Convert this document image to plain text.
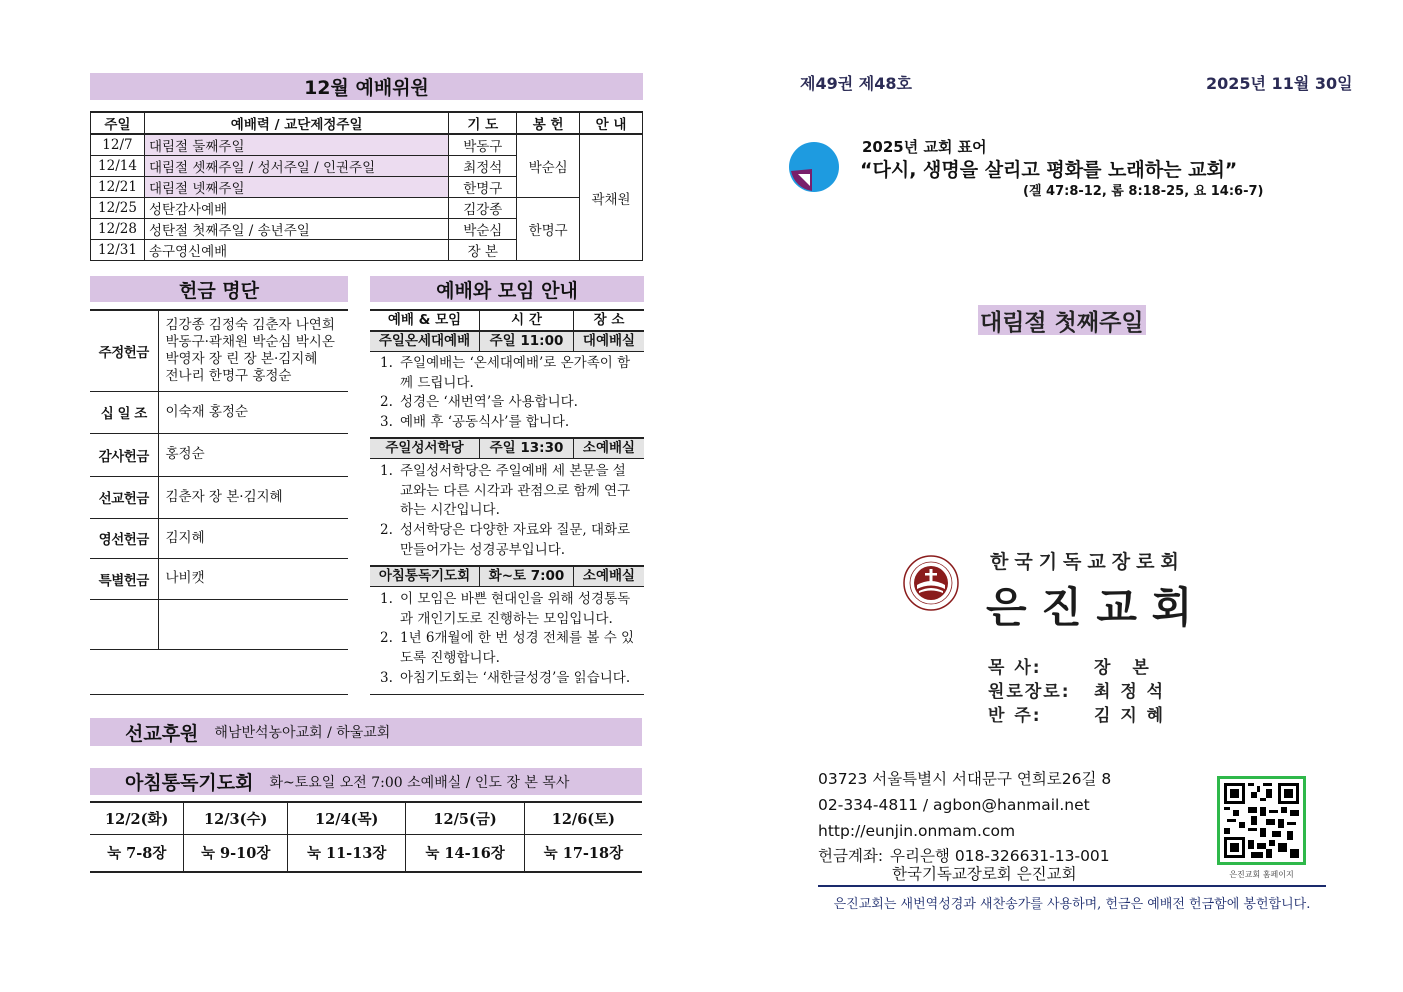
12월 예배위원
주일	예배력 / 교단제정주일	기 도	봉 헌	안 내
12/7	대림절 둘째주일	박동구	박순심	곽채원
12/14	대림절 셋째주일 / 성서주일 / 인권주일	최정석		
12/21	대림절 넷째주일	한명구		
12/25	성탄감사예배	김강종	한명구	
12/28	성탄절 첫째주일 / 송년주일	박순심		
12/31	송구영신예배	장 본		
헌금 명단
주정헌금	김강종 김정숙 김춘자 나연희
박동구·곽채원 박순심 박시온
박영자 장 린 장 본·김지혜
전나리 한명구 홍정순

십 일 조	이숙재 홍정순
감사헌금	홍정순
선교헌금	김춘자 장 본·김지혜
영선헌금	김지혜
특별헌금	나비캣

예배와 모임 안내
예배 & 모임	시 간	장 소
주일온세대예배	주일 11:00	대예배실
1. 주일예배는 ‘온세대예배’로 온가족이 함께 드립니다.
2. 성경은 ‘새번역’을 사용합니다.
3. 예배 후 ‘공동식사’를 합니다.
주일성서학당	주일 13:30	소예배실
1. 주일성서학당은 주일예배 세 본문을 설교와는 다른 시각과 관점으로 함께 연구하는 시간입니다.
2. 성서학당은 다양한 자료와 질문, 대화로 만들어가는 성경공부입니다.
아침통독기도회	화~토 7:00	소예배실
1. 이 모임은 바쁜 현대인을 위해 성경통독과 개인기도로 진행하는 모임입니다.
2. 1년 6개월에 한 번 성경 전체를 볼 수 있도록 진행합니다.
3. 아침기도회는 ‘새한글성경’을 읽습니다.
선교후원 해남반석농아교회 / 하울교회
아침통독기도회 화~토요일 오전 7:00 소예배실 / 인도 장 본 목사
12/2(화)	12/3(수)	12/4(목)	12/5(금)	12/6(토)
눅 7-8장	눅 9-10장	눅 11-13장	눅 14-16장	눅 17-18장
제49권 제48호	2025년 11월 30일
2025년 교회 표어
“다시, 생명을 살리고 평화를 노래하는 교회”
(겔 47:8-12, 롬 8:18-25, 요 14:6-7)
대림절 첫째주일
한국기독교장로회
은 진 교 회
목 사:	장 본
원로장로:	최 정 석
반 주:	김 지 혜
03723 서울특별시 서대문구 연희로26길 8
02-334-4811 / agbon@hanmail.net
http://eunjin.onmam.com
헌금계좌: 우리은행 018-326631-13-001
한국기독교장로회 은진교회	은진교회 홈페이지
은진교회는 새번역성경과 새찬송가를 사용하며, 헌금은 예배전 헌금함에 봉헌합니다.
